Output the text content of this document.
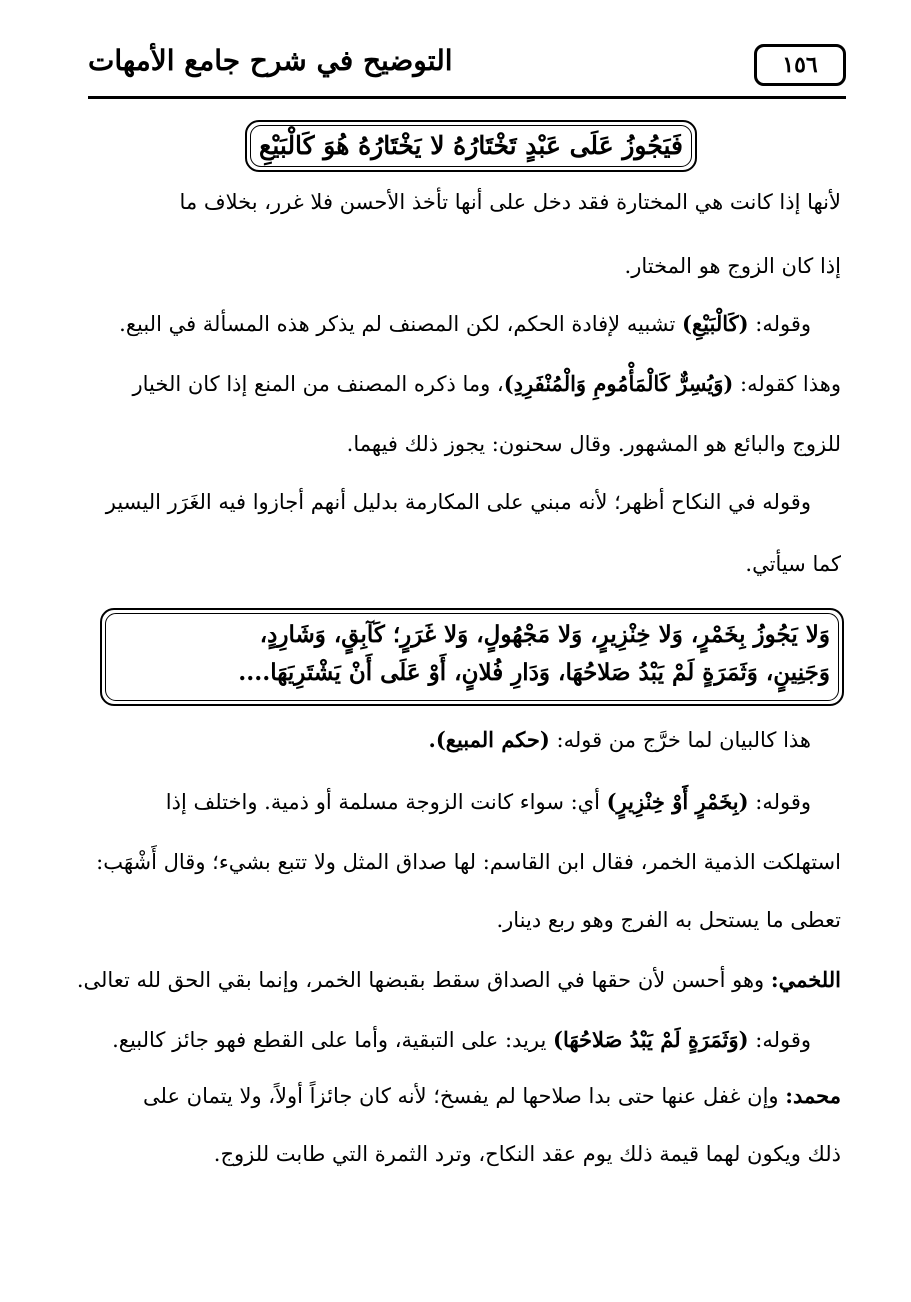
التوضيح في شرح جامع الأمهات	١٥٦
فَيَجُوزُ عَلَى عَبْدٍ تَخْتَارُهُ لا يَخْتَارُهُ هُوَ كَالْبَيْعِ
لأنها إذا كانت هي المختارة فقد دخل على أنها تأخذ الأحسن فلا غرر، بخلاف ما
إذا كان الزوج هو المختار.
وقوله: (كَالْبَيْعِ) تشبيه لإفادة الحكم، لكن المصنف لم يذكر هذه المسألة في البيع.
وهذا كقوله: (وَيُسِرٌّ كَالْمَأْمُومِ وَالْمُنْفَرِدِ)، وما ذكره المصنف من المنع إذا كان الخيار
للزوج والبائع هو المشهور. وقال سحنون: يجوز ذلك فيهما.
وقوله في النكاح أظهر؛ لأنه مبني على المكارمة بدليل أنهم أجازوا فيه الغَرَر اليسير
كما سيأتي.
وَلا يَجُوزُ بِخَمْرٍ، وَلا خِنْزِيرٍ، وَلا مَجْهُولٍ، وَلا غَرَرٍ؛ كَآبِقٍ، وَشَارِدٍ،
وَجَنِينٍ، وَثَمَرَةٍ لَمْ يَبْدُ صَلاحُهَا، وَدَارِ فُلانٍ، أَوْ عَلَى أَنْ يَشْتَرِيَهَا....
هذا كالبيان لما خرَّج من قوله: (حكم المبيع).
وقوله: (بِخَمْرٍ أَوْ خِنْزِيرٍ) أي: سواء كانت الزوجة مسلمة أو ذمية. واختلف إذا
استهلكت الذمية الخمر، فقال ابن القاسم: لها صداق المثل ولا تتبع بشيء؛ وقال أَشْهَب:
تعطى ما يستحل به الفرج وهو ربع دينار.
اللخمي: وهو أحسن لأن حقها في الصداق سقط بقبضها الخمر، وإنما بقي الحق لله تعالى.
وقوله: (وَثَمَرَةٍ لَمْ يَبْدُ صَلاحُهَا) يريد: على التبقية، وأما على القطع فهو جائز كالبيع.
محمد: وإن غفل عنها حتى بدا صلاحها لم يفسخ؛ لأنه كان جائزاً أولاً، ولا يتمان على
ذلك ويكون لهما قيمة ذلك يوم عقد النكاح، وترد الثمرة التي طابت للزوج.
